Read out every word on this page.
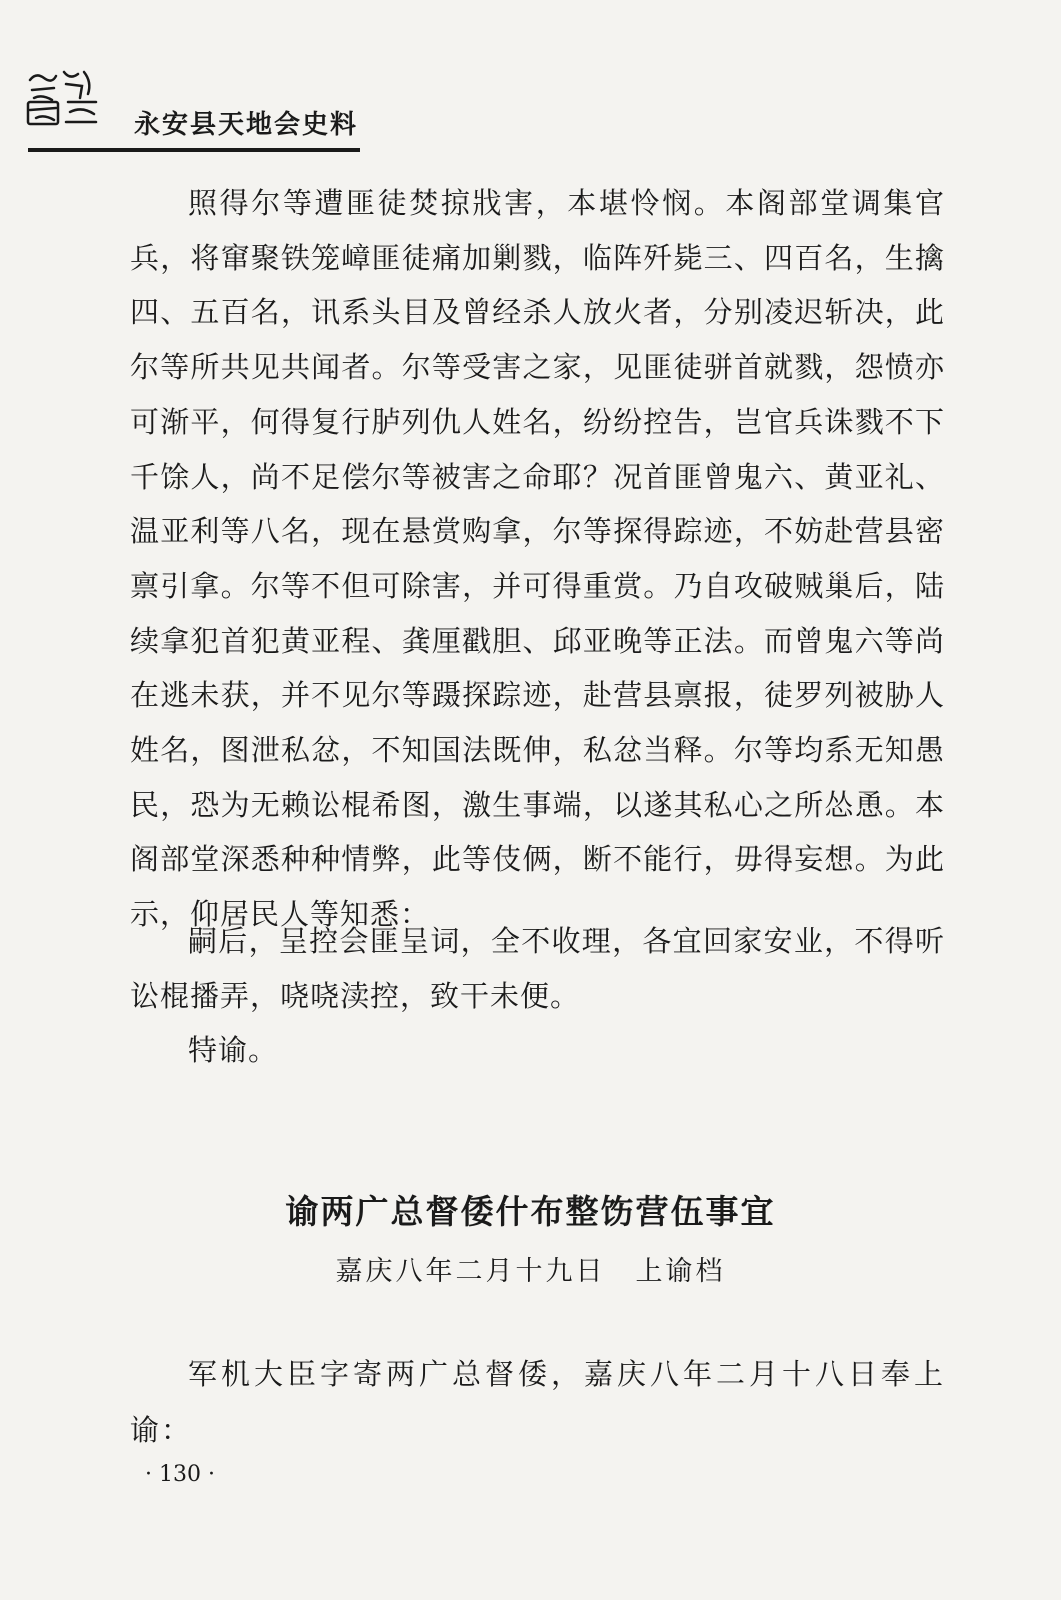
永安县天地会史料

照得尔等遭匪徒焚掠戕害，本堪怜悯。本阁部堂调集官兵，将窜聚铁笼嶂匪徒痛加剿戮，临阵歼毙三、四百名，生擒四、五百名，讯系头目及曾经杀人放火者，分别凌迟斩决，此尔等所共见共闻者。尔等受害之家，见匪徒骈首就戮，怨愤亦可渐平，何得复行胪列仇人姓名，纷纷控告，岂官兵诛戮不下千馀人，尚不足偿尔等被害之命耶？况首匪曾鬼六、黄亚礼、温亚利等八名，现在悬赏购拿，尔等探得踪迹，不妨赴营县密禀引拿。尔等不但可除害，并可得重赏。乃自攻破贼巢后，陆续拿犯首犯黄亚程、龚厘戳胆、邱亚晚等正法。而曾鬼六等尚在逃未获，并不见尔等蹑探踪迹，赴营县禀报，徒罗列被胁人姓名，图泄私忿，不知国法既伸，私忿当释。尔等均系无知愚民，恐为无赖讼棍希图，激生事端，以遂其私心之所怂恿。本阁部堂深悉种种情弊，此等伎俩，断不能行，毋得妄想。为此示，仰居民人等知悉：

嗣后，呈控会匪呈词，全不收理，各宜回家安业，不得听讼棍播弄，哓哓渎控，致干未便。

特谕。

谕两广总督倭什布整饬营伍事宜
嘉庆八年二月十九日　上谕档

军机大臣字寄两广总督倭，嘉庆八年二月十八日奉上谕：

· 130 ·
